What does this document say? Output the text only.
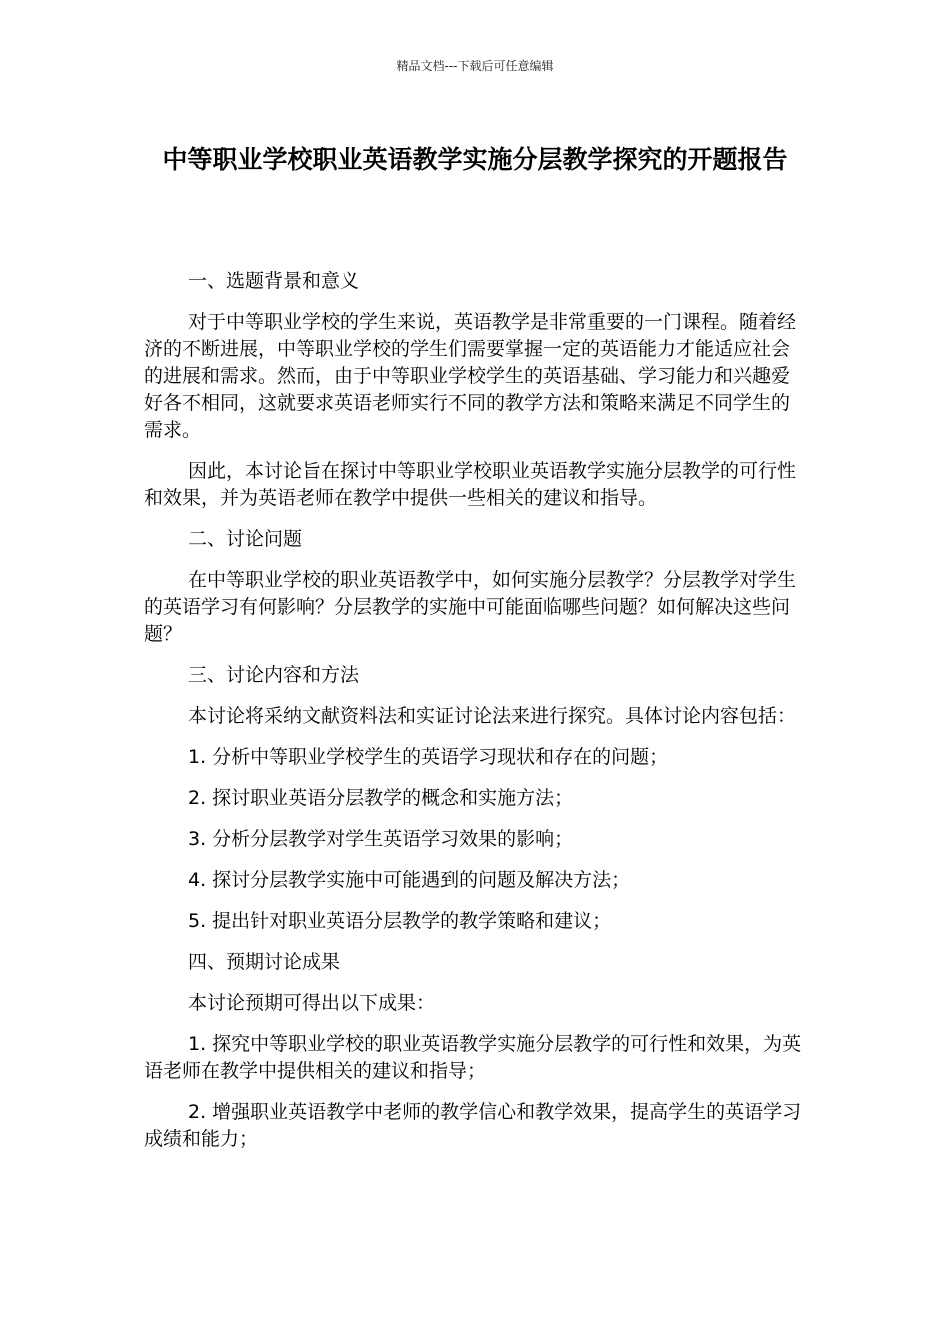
精品文档---下载后可任意编辑
中等职业学校职业英语教学实施分层教学探究的开题报告

一、选题背景和意义

对于中等职业学校的学生来说，英语教学是非常重要的一门课程。随着经济的不断进展，中等职业学校的学生们需要掌握一定的英语能力才能适应社会的进展和需求。然而，由于中等职业学校学生的英语基础、学习能力和兴趣爱好各不相同，这就要求英语老师实行不同的教学方法和策略来满足不同学生的需求。

因此，本讨论旨在探讨中等职业学校职业英语教学实施分层教学的可行性和效果，并为英语老师在教学中提供一些相关的建议和指导。

二、讨论问题

在中等职业学校的职业英语教学中，如何实施分层教学？分层教学对学生的英语学习有何影响？分层教学的实施中可能面临哪些问题？如何解决这些问题？

三、讨论内容和方法

本讨论将采纳文献资料法和实证讨论法来进行探究。具体讨论内容包括：

1. 分析中等职业学校学生的英语学习现状和存在的问题；

2. 探讨职业英语分层教学的概念和实施方法；

3. 分析分层教学对学生英语学习效果的影响；

4. 探讨分层教学实施中可能遇到的问题及解决方法；

5. 提出针对职业英语分层教学的教学策略和建议；

四、预期讨论成果

本讨论预期可得出以下成果：

1. 探究中等职业学校的职业英语教学实施分层教学的可行性和效果，为英语老师在教学中提供相关的建议和指导；

2. 增强职业英语教学中老师的教学信心和教学效果，提高学生的英语学习成绩和能力；
